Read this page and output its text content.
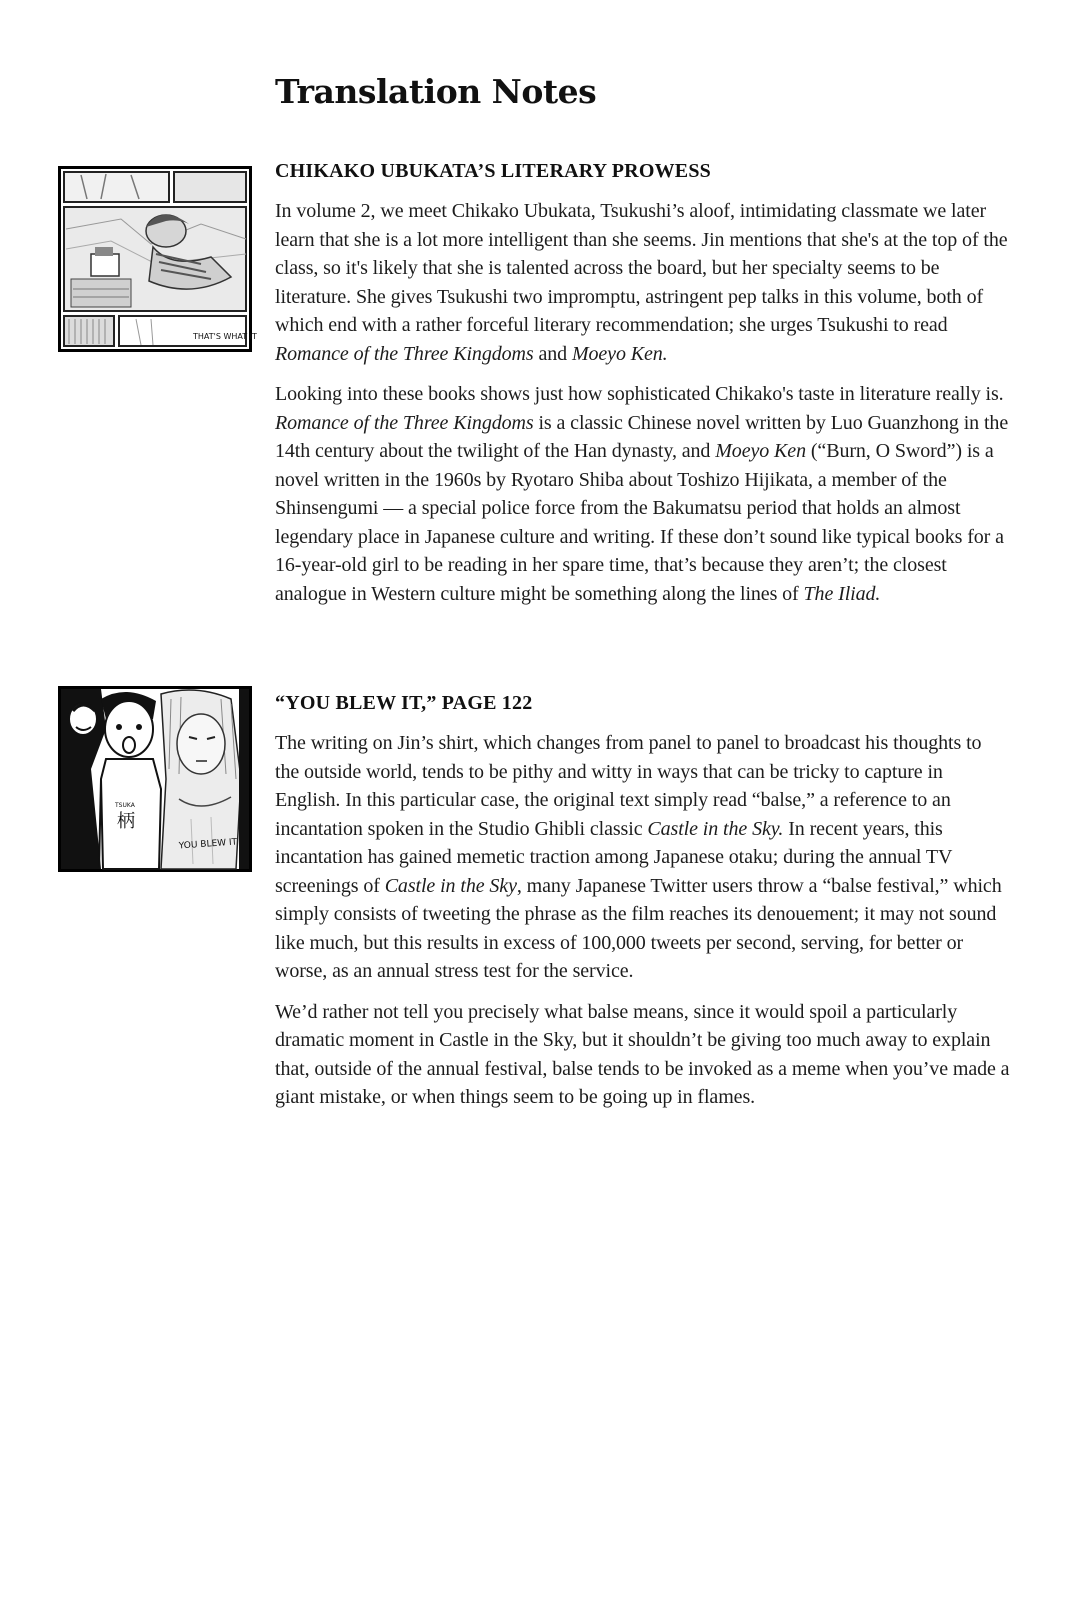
Translation Notes
THAT'S WHAT IT
CHIKAKO UBUKATA’S LITERARY PROWESS

In volume 2, we meet Chikako Ubukata, Tsukushi’s aloof, intimidating classmate we later learn that she is a lot more intelligent than she seems. Jin mentions that she's at the top of the class, so it's likely that she is talented across the board, but her specialty seems to be literature. She gives Tsukushi two impromptu, astringent pep talks in this volume, both of which end with a rather forceful literary recommendation; she urges Tsukushi to read Romance of the Three Kingdoms and Moeyo Ken.

Looking into these books shows just how sophisticated Chikako's taste in literature really is. Romance of the Three Kingdoms is a classic Chinese novel written by Luo Guanzhong in the 14th century about the twilight of the Han dynasty, and Moeyo Ken (“Burn, O Sword”) is a novel written in the 1960s by Ryotaro Shiba about Toshizo Hijikata, a member of the Shinsengumi — a special police force from the Bakumatsu period that holds an almost legendary place in Japanese culture and writing. If these don’t sound like typical books for a 16-year-old girl to be reading in her spare time, that’s because they aren’t; the closest analogue in Western culture might be something along the lines of The Iliad.

TSUKA
柄
YOU BLEW IT
“YOU BLEW IT,” PAGE 122

The writing on Jin’s shirt, which changes from panel to panel to broadcast his thoughts to the outside world, tends to be pithy and witty in ways that can be tricky to capture in English. In this particular case, the original text simply read “balse,” a reference to an incantation spoken in the Studio Ghibli classic Castle in the Sky. In recent years, this incantation has gained memetic traction among Japanese otaku; during the annual TV screenings of Castle in the Sky, many Japanese Twitter users throw a “balse festival,” which simply consists of tweeting the phrase as the film reaches its denouement; it may not sound like much, but this results in excess of 100,000 tweets per second, serving, for better or worse, as an annual stress test for the service.

We’d rather not tell you precisely what balse means, since it would spoil a particularly dramatic moment in Castle in the Sky, but it shouldn’t be giving too much away to explain that, outside of the annual festival, balse tends to be invoked as a meme when you’ve made a giant mistake, or when things seem to be going up in flames.
